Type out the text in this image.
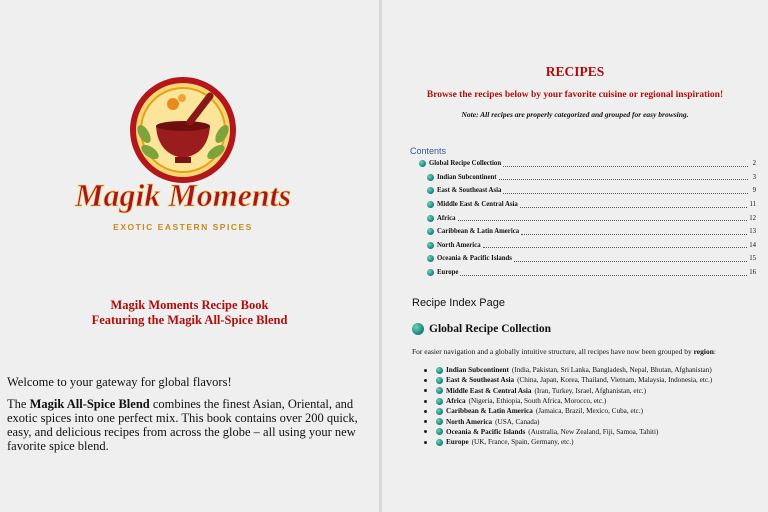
Magik Moments
EXOTIC EASTERN SPICES
Magik Moments Recipe Book
Featuring the Magik All-Spice Blend
Welcome to your gateway for global flavors!
The Magik All-Spice Blend combines the finest Asian, Oriental, and exotic spices into one perfect mix. This book contains over 200 quick, easy, and delicious recipes from across the globe – all using your new favorite spice blend.
RECIPES
Browse the recipes below by your favorite cuisine or regional inspiration!
Note: All recipes are properly categorized and grouped for easy browsing.
Contents
Global Recipe Collection	2
Indian Subcontinent	3
East & Southeast Asia	9
Middle East & Central Asia	11
Africa	12
Caribbean & Latin America	13
North America	14
Oceania & Pacific Islands	15
Europe	16
Recipe Index Page
Global Recipe Collection
For easier navigation and a globally intuitive structure, all recipes have now been grouped by region:
Indian Subcontinent (India, Pakistan, Sri Lanka, Bangladesh, Nepal, Bhutan, Afghanistan)
East & Southeast Asia (China, Japan, Korea, Thailand, Vietnam, Malaysia, Indonesia, etc.)
Middle East & Central Asia (Iran, Turkey, Israel, Afghanistan, etc.)
Africa (Nigeria, Ethiopia, South Africa, Morocco, etc.)
Caribbean & Latin America (Jamaica, Brazil, Mexico, Cuba, etc.)
North America (USA, Canada)
Oceania & Pacific Islands (Australia, New Zealand, Fiji, Samoa, Tahiti)
Europe (UK, France, Spain, Germany, etc.)
